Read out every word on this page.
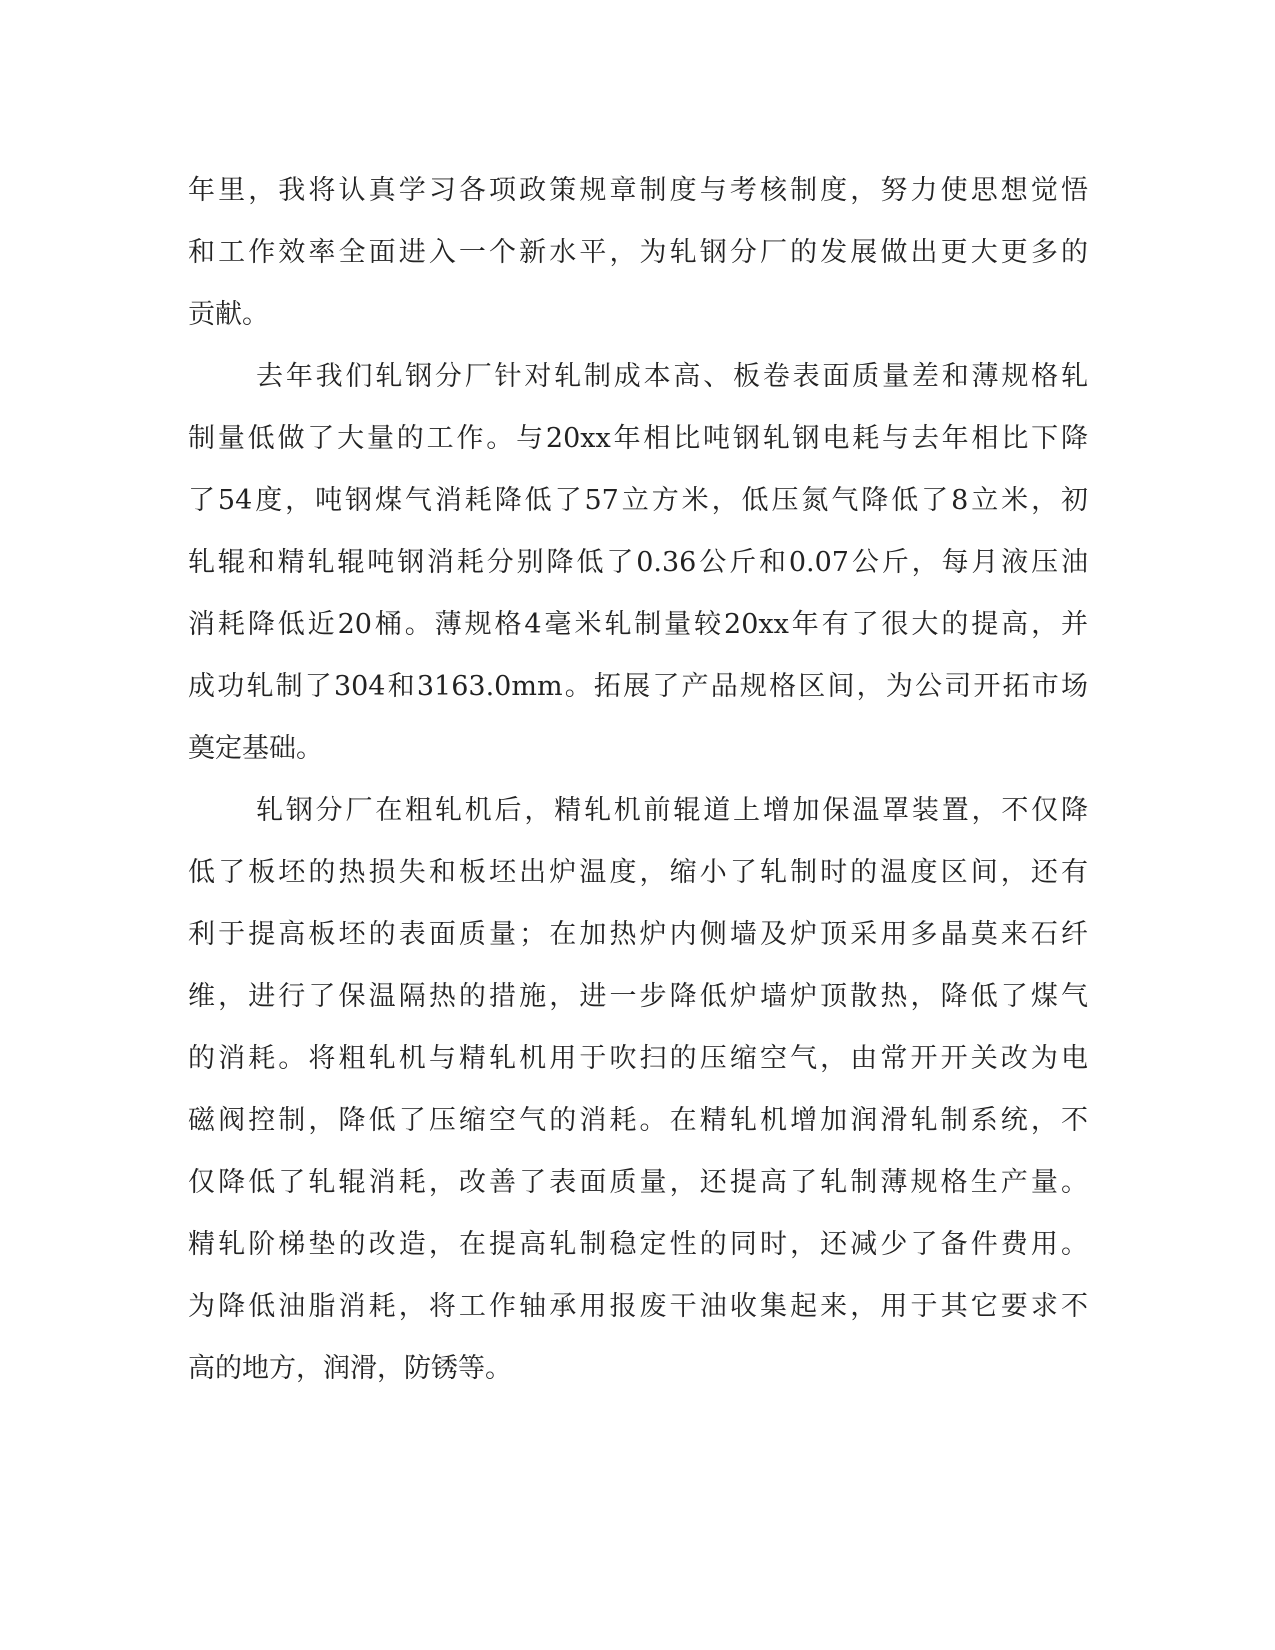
年里，我将认真学习各项政策规章制度与考核制度，努力使思想觉悟
和工作效率全面进入一个新水平，为轧钢分厂的发展做出更大更多的
贡献。
去年我们轧钢分厂针对轧制成本高、板卷表面质量差和薄规格轧
制量低做了大量的工作。与20xx年相比吨钢轧钢电耗与去年相比下降
了54度，吨钢煤气消耗降低了57立方米，低压氮气降低了8立米，初
轧辊和精轧辊吨钢消耗分别降低了0.36公斤和0.07公斤，每月液压油
消耗降低近20桶。薄规格4毫米轧制量较20xx年有了很大的提高，并
成功轧制了304和3163.0mm。拓展了产品规格区间，为公司开拓市场
奠定基础。
轧钢分厂在粗轧机后，精轧机前辊道上增加保温罩装置，不仅降
低了板坯的热损失和板坯出炉温度，缩小了轧制时的温度区间，还有
利于提高板坯的表面质量；在加热炉内侧墙及炉顶采用多晶莫来石纤
维，进行了保温隔热的措施，进一步降低炉墙炉顶散热，降低了煤气
的消耗。将粗轧机与精轧机用于吹扫的压缩空气，由常开开关改为电
磁阀控制，降低了压缩空气的消耗。在精轧机增加润滑轧制系统，不
仅降低了轧辊消耗，改善了表面质量，还提高了轧制薄规格生产量。
精轧阶梯垫的改造，在提高轧制稳定性的同时，还减少了备件费用。
为降低油脂消耗，将工作轴承用报废干油收集起来，用于其它要求不
高的地方，润滑，防锈等。
